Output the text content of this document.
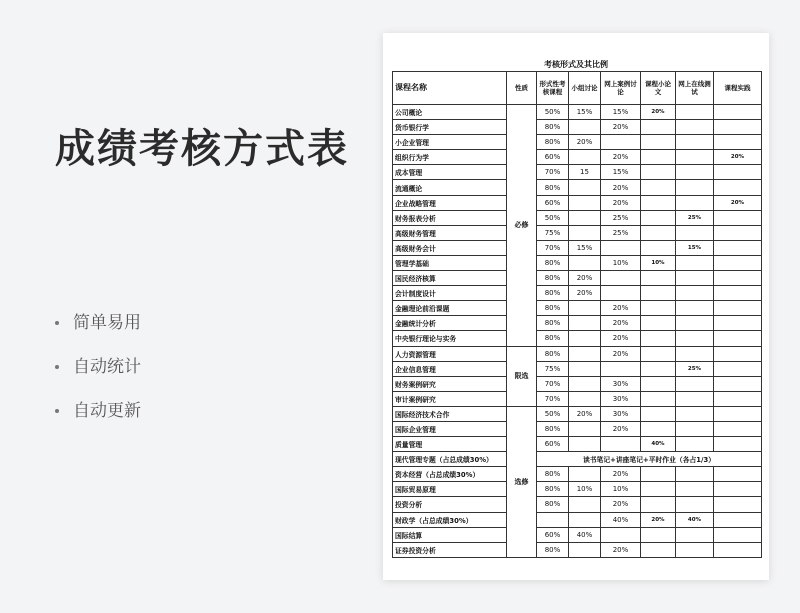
成绩考核方式表
简单易用
自动统计
自动更新
考核形式及其比例
课程名称	性质	形式性考核课程	小组讨论	网上案例讨论	课程小论文	网上在线测试	课程实践
公司概论	必修	50%	15%	15%	20%		
货币银行学		80%		20%			
小企业管理		80%	20%				
组织行为学		60%		20%			20%
成本管理		70%	15	15%			
流通概论		80%		20%			
企业战略管理		60%		20%			20%
财务报表分析		50%		25%		25%	
高级财务管理		75%		25%			
高级财务会计		70%	15%			15%	
管理学基础		80%		10%	10%		
国民经济核算		80%	20%				
会计制度设计		80%	20%				
金融理论前沿课题		80%		20%			
金融统计分析		80%		20%			
中央银行理论与实务		80%		20%			
人力资源管理	限选	80%		20%			
企业信息管理		75%				25%	
财务案例研究		70%		30%			
审计案例研究		70%		30%			
国际经济技术合作	选修	50%	20%	30%			
国际企业管理		80%		20%			
质量管理		60%			40%		
现代管理专题（占总成绩30%）		读书笔记+讲座笔记+平时作业（各占1/3）					
资本经营（占总成绩30%）		80%		20%			
国际贸易原理		80%	10%	10%			
投资分析		80%		20%			
财政学（占总成绩30%）				40%	20%	40%	
国际结算		60%	40%				
证券投资分析		80%		20%			
